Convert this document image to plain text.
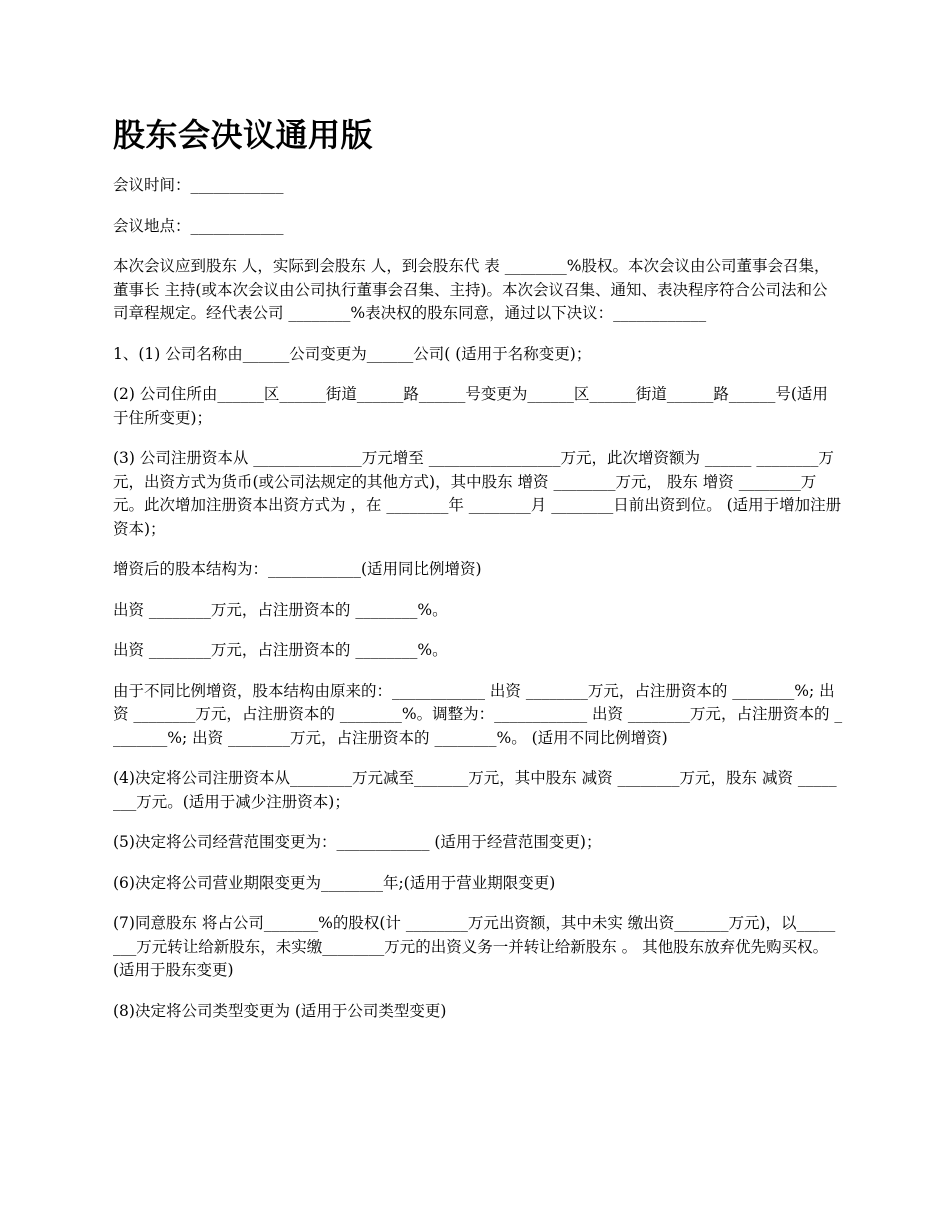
股东会决议通用版

会议时间：____________

会议地点：____________

本次会议应到股东 人，实际到会股东 人，到会股东代 表 ________%股权。本次会议由公司董事会召集，董事长 主持(或本次会议由公司执行董事会召集、主持)。本次会议召集、通知、表决程序符合公司法和公司章程规定。经代表公司 ________%表决权的股东同意，通过以下决议：____________

1、(1) 公司名称由______公司变更为______公司( (适用于名称变更)；

(2) 公司住所由______区______街道______路______号变更为______区______街道______路______号(适用于住所变更)；

(3) 公司注册资本从 ______________万元增至 _________________万元，此次增资额为 ______ ________万元，出资方式为货币(或公司法规定的其他方式)，其中股东 增资 ________万元， 股东 增资 ________万元。此次增加注册资本出资方式为 ，在 ________年 ________月 ________日前出资到位。 (适用于增加注册资本)；

增资后的股本结构为：____________(适用同比例增资)

出资 ________万元，占注册资本的 ________%。

出资 ________万元，占注册资本的 ________%。

由于不同比例增资，股本结构由原来的：____________ 出资 ________万元，占注册资本的 ________%; 出资 ________万元，占注册资本的 ________%。调整为：____________ 出资 ________万元，占注册资本的 ________%; 出资 ________万元，占注册资本的 ________%。 (适用不同比例增资)

(4)决定将公司注册资本从________万元减至_______万元，其中股东 减资 ________万元，股东 减资 ________万元。(适用于减少注册资本)；

(5)决定将公司经营范围变更为：____________ (适用于经营范围变更)；

(6)决定将公司营业期限变更为________年;(适用于营业期限变更)

(7)同意股东 将占公司_______%的股权(计 ________万元出资额，其中未实 缴出资_______万元)，以________万元转让给新股东，未实缴________万元的出资义务一并转让给新股东 。 其他股东放弃优先购买权。(适用于股东变更)

(8)决定将公司类型变更为 (适用于公司类型变更)
